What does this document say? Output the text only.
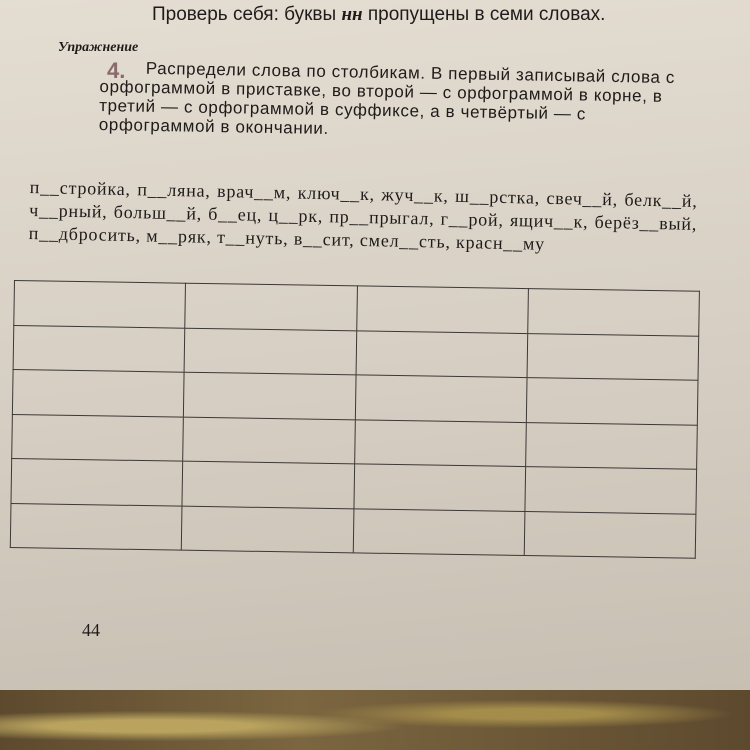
Проверь себя: буквы нн пропущены в семи словах.
Упражнение
4.	Распредели слова по столбикам. В первый записывай слова с орфограммой в приставке, во второй — с орфограммой в корне, в третий — с орфограммой в суффиксе, а в четвёртый — с орфограммой в окончании.
п__стройка, п__ляна, врач__м, ключ__к, жуч__к, ш__рстка, свеч__й, белк__й, ч__рный, больш__й, б__ец, ц__рк, пр__прыгал, г__рой, ящич__к, берёз__вый, п__дбросить, м__ряк, т__нуть, в__сит, смел__сть, красн__му

44
